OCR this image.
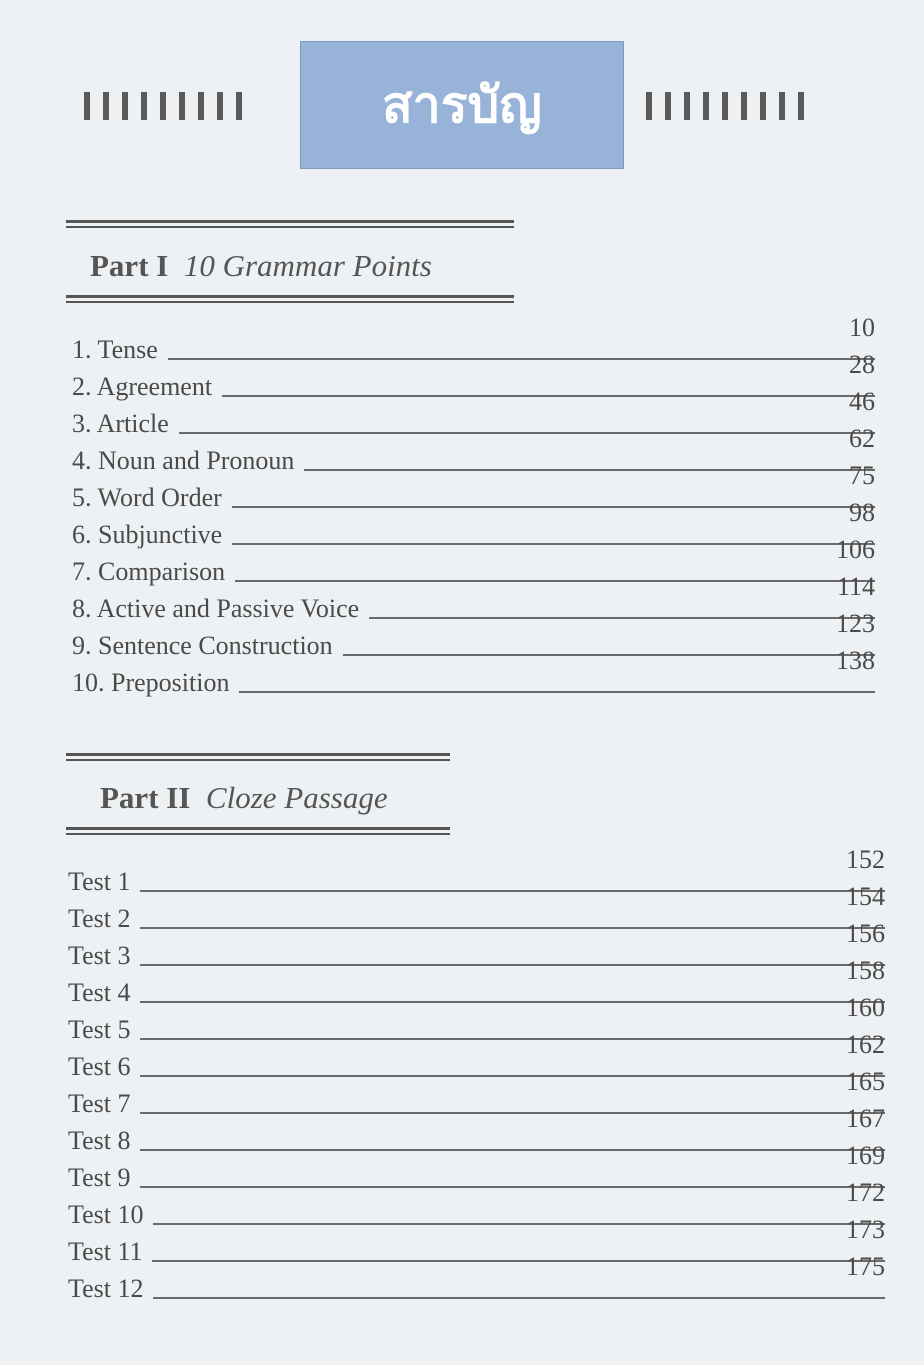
สารบัญ
Part I 10 Grammar Points
1. Tense
10
2. Agreement
28
3. Article
46
4. Noun and Pronoun
62
5. Word Order
75
6. Subjunctive
98
7. Comparison
106
8. Active and Passive Voice
114
9. Sentence Construction
123
10. Preposition
138
Part II Cloze Passage
Test 1
152
Test 2
154
Test 3
156
Test 4
158
Test 5
160
Test 6
162
Test 7
165
Test 8
167
Test 9
169
Test 10
172
Test 11
173
Test 12
175
